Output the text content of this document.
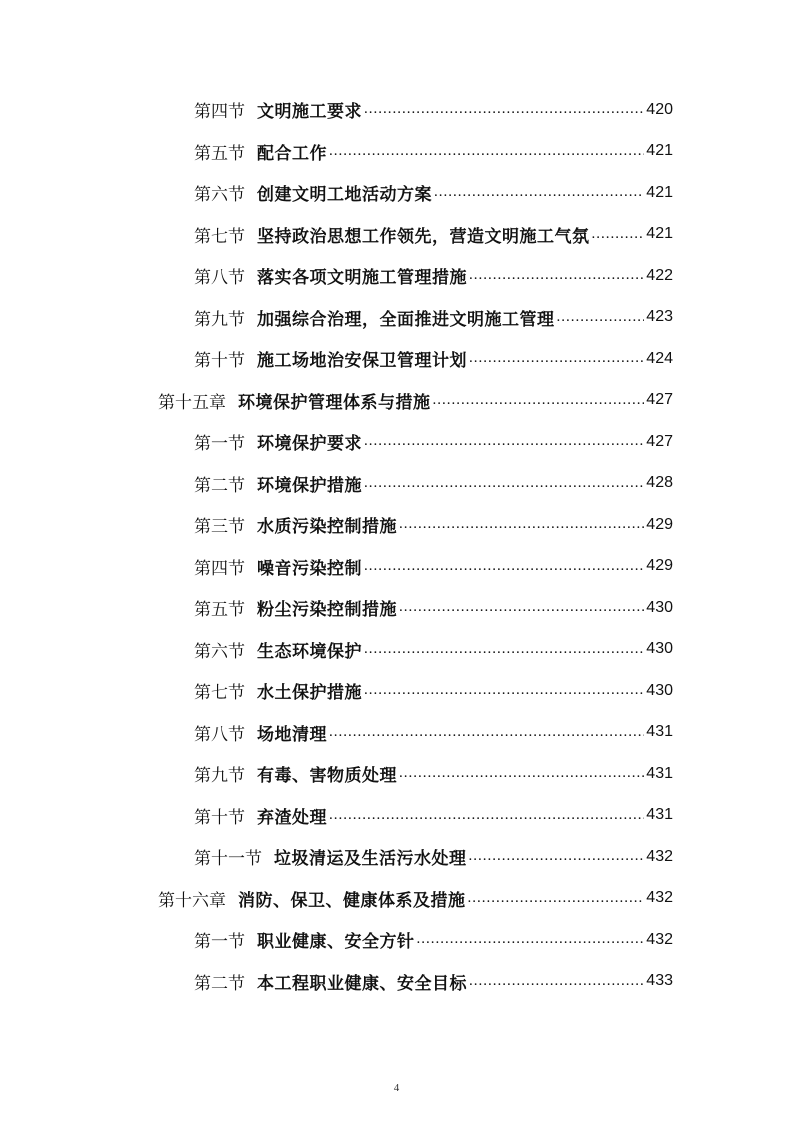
第四节 文明施工要求 .....	420
第五节 配合工作 .....	421
第六节 创建文明工地活动方案 .....	421
第七节 坚持政治思想工作领先，营造文明施工气氛 .....	421
第八节 落实各项文明施工管理措施 .....	422
第九节 加强综合治理，全面推进文明施工管理 .....	423
第十节 施工场地治安保卫管理计划 .....	424
第十五章 环境保护管理体系与措施 .....	427
第一节 环境保护要求 .....	427
第二节 环境保护措施 .....	428
第三节 水质污染控制措施 .....	429
第四节 噪音污染控制 .....	429
第五节 粉尘污染控制措施 .....	430
第六节 生态环境保护 .....	430
第七节 水土保护措施 .....	430
第八节 场地清理 .....	431
第九节 有毒、害物质处理 .....	431
第十节 弃渣处理 .....	431
第十一节 垃圾清运及生活污水处理 .....	432
第十六章 消防、保卫、健康体系及措施 .....	432
第一节 职业健康、安全方针 .....	432
第二节 本工程职业健康、安全目标 .....	433
4
